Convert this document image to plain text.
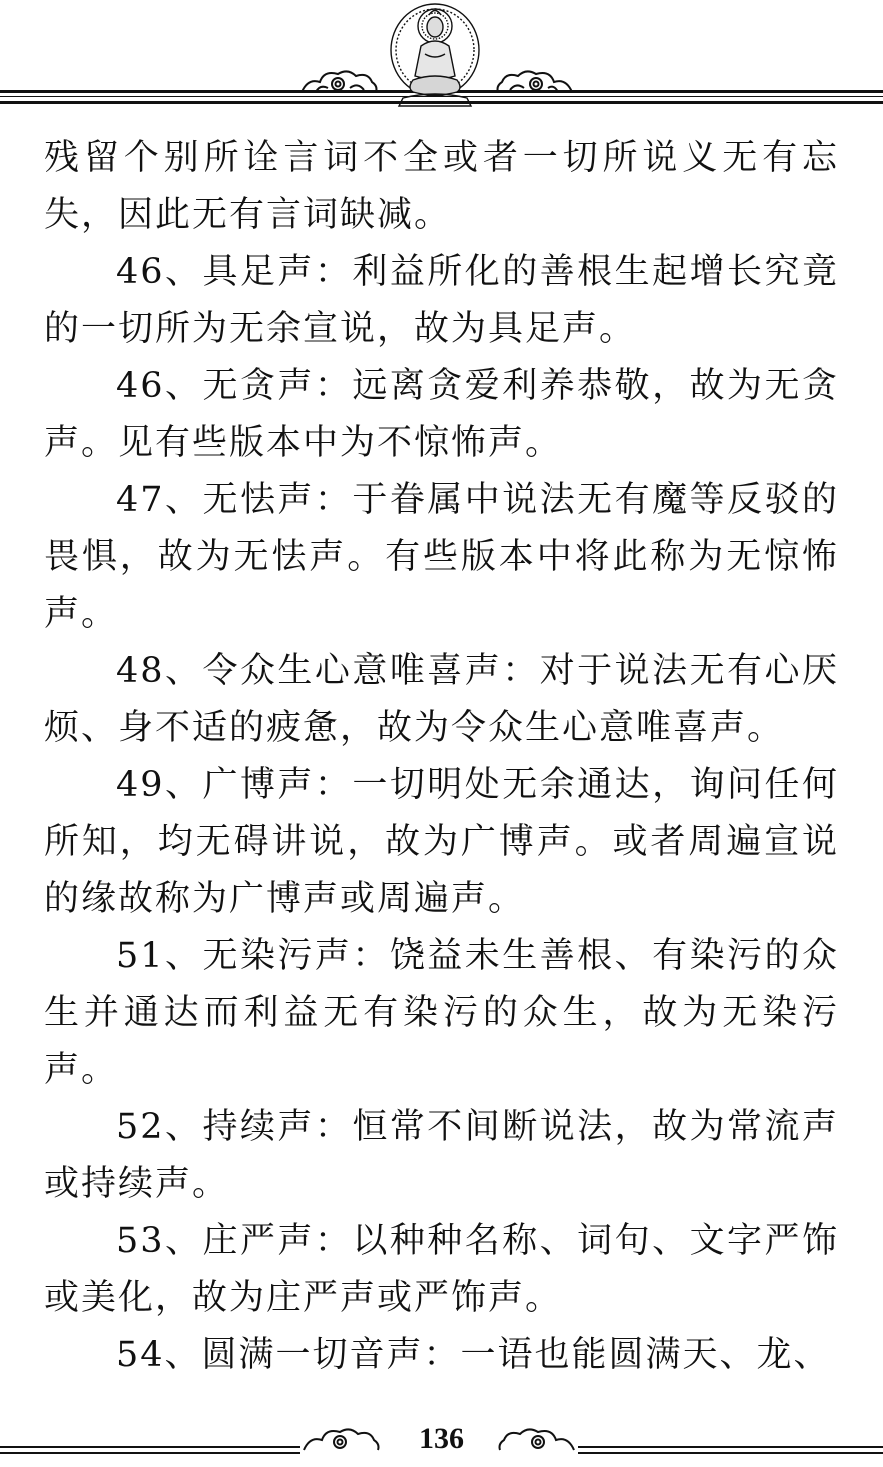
残留个别所诠言词不全或者一切所说义无有忘失，因此无有言词缺减。

46、具足声：利益所化的善根生起增长究竟的一切所为无余宣说，故为具足声。

46、无贪声：远离贪爱利养恭敬，故为无贪声。见有些版本中为不惊怖声。

47、无怯声：于眷属中说法无有魔等反驳的畏惧，故为无怯声。有些版本中将此称为无惊怖声。

48、令众生心意唯喜声：对于说法无有心厌烦、身不适的疲惫，故为令众生心意唯喜声。

49、广博声：一切明处无余通达，询问任何所知，均无碍讲说，故为广博声。或者周遍宣说的缘故称为广博声或周遍声。

51、无染污声：饶益未生善根、有染污的众生并通达而利益无有染污的众生，故为无染污声。

52、持续声：恒常不间断说法，故为常流声或持续声。

53、庄严声：以种种名称、词句、文字严饰或美化，故为庄严声或严饰声。

54、圆满一切音声：一语也能圆满天、龙、

136
